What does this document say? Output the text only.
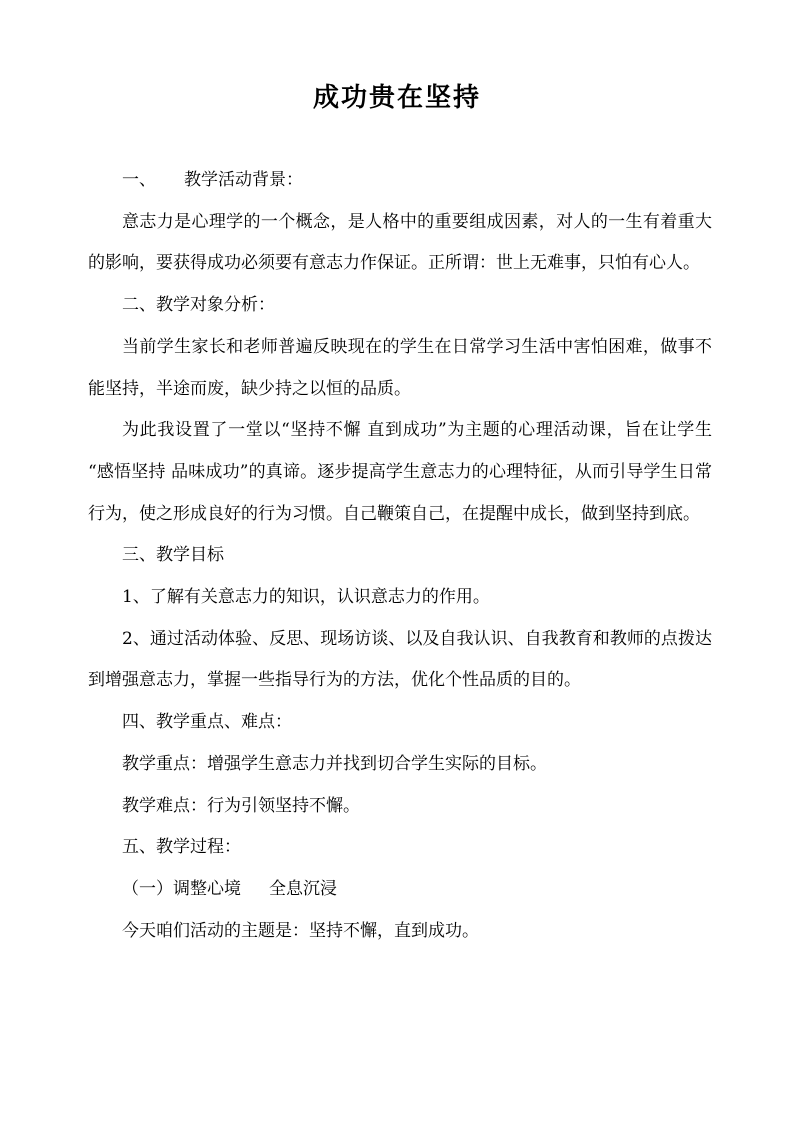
成功贵在坚持

一、 教学活动背景：

意志力是心理学的一个概念，是人格中的重要组成因素，对人的一生有着重大的影响，要获得成功必须要有意志力作保证。正所谓：世上无难事，只怕有心人。

二、教学对象分析：

当前学生家长和老师普遍反映现在的学生在日常学习生活中害怕困难，做事不能坚持，半途而废，缺少持之以恒的品质。

为此我设置了一堂以“坚持不懈 直到成功”为主题的心理活动课，旨在让学生 “感悟坚持 品味成功”的真谛。逐步提高学生意志力的心理特征，从而引导学生日常行为，使之形成良好的行为习惯。自己鞭策自己，在提醒中成长，做到坚持到底。

三、教学目标

1、了解有关意志力的知识，认识意志力的作用。

2、通过活动体验、反思、现场访谈、以及自我认识、自我教育和教师的点拨达到增强意志力，掌握一些指导行为的方法，优化个性品质的目的。

四、教学重点、难点：

教学重点：增强学生意志力并找到切合学生实际的目标。

教学难点：行为引领坚持不懈。

五、教学过程：

（一）调整心境 全息沉浸

今天咱们活动的主题是：坚持不懈，直到成功。
